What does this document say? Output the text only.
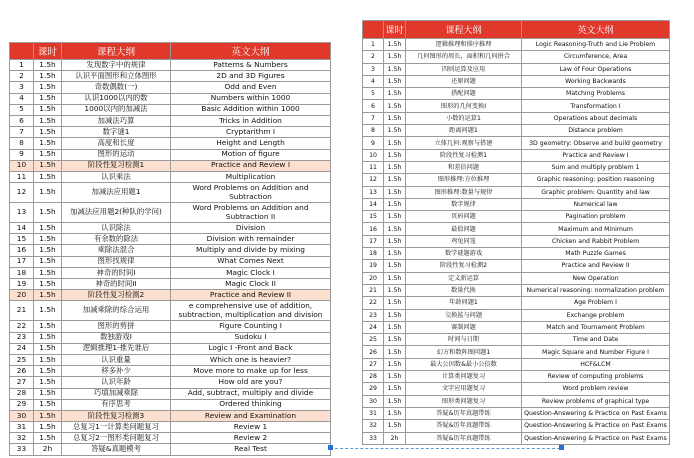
	课时	课程大纲	英文大纲
1	1.5h	发现数字中的规律	Patterns & Numbers
2	1.5h	认识平面图形和立体图形	2D and 3D Figures
3	1.5h	奇数偶数(一)	Odd and Even
4	1.5h	认识1000以内的数	Numbers within 1000
5	1.5h	1000以内的加减法	Basic Addition within 1000
6	1.5h	加减法巧算	Tricks in Addition
7	1.5h	数字谜1	Cryptarithm I
8	1.5h	高度和长度	Height and Length
9	1.5h	图形的运动	Motion of figure
10	1.5h	阶段性复习检测1	Practice and Review I
11	1.5h	认识乘法	Multiplication
12	1.5h	加减法应用题1	Word Problems on Addition and Subtraction
13	1.5h	加减法应用题2(种队的学问)	Word Problems on Addition and Subtraction II
14	1.5h	认识除法	Division
15	1.5h	有余数的除法	Division with remainder
16	1.5h	乘除法混合	Multiply and divide by mixing
17	1.5h	图形找规律	What Comes Next
18	1.5h	神奇的时间I	Magic Clock I
19	1.5h	神奇的时间II	Magic Clock II
20	1.5h	阶段性复习检测2	Practice and Review II
21	1.5h	加减乘除的综合运用	e comprehensive use of addition, subtraction, multiplication and division
22	1.5h	图形的剪拼	Figure Counting I
23	1.5h	数独游戏I	Sudoku I
24	1.5h	逻辑推理1-推先谁后	Logic I -Front and Back
25	1.5h	认识重量	Which one is heavier?
26	1.5h	移多补少	Move more to make up for less
27	1.5h	认识年龄	How old are you?
28	1.5h	巧填加减乘除	Add, subtract, multiply and divide
29	1.5h	有序思考	Ordered thinking
30	1.5h	阶段性复习检测3	Review and Examination
31	1.5h	总复习1一计算类问题复习	Review 1
32	1.5h	总复习2一图形类问题复习	Review 2
33	2h	答疑&真题模考	Real Test
	课时	课程大纲	英文大纲
1	1.5h	逻辑推理和排序推理	Logic Reasoning-Truth and Lie Problem
2	1.5h	几何图形的周长，面积和几何拼合	Circumference, Area
3	1.5h	四则运算及应用	Law of Four Operations
4	1.5h	还原问题	Working Backwards
5	1.5h	搭配问题	Matching Problems
6	1.5h	图形的几何变换I	Transformation I
7	1.5h	小数的运算1	Operations about decimals
8	1.5h	距离问题1	Distance problem
9	1.5h	立体几何:观察与搭建	3D geometry: Observe and build geometry
10	1.5h	阶段性复习检测1	Practice and Review I
11	1.5h	和差倍问题	Sum and multiply problem 1
12	1.5h	图形推理:方位推理	Graphic reasoning: position reasoning
13	1.5h	图形推理:数量与规律	Graphic problem: Quantity and law
14	1.5h	数字规律	Numerical law
15	1.5h	页码问题	Pagination problem
16	1.5h	最值问题	Maximum and Minimum
17	1.5h	鸡兔同笼	Chicken and Rabbit Problem
18	1.5h	数学谜题游戏	Math Puzzle Games
19	1.5h	阶段性复习检测2	Practice and Review II
20	1.5h	定义新运算	New Operation
21	1.5h	数量代换	Numerical reasoning: normalization problem
22	1.5h	年龄问题1	Age Problem I
23	1.5h	交换鲨与问题	Exchange problem
24	1.5h	赛制问题	Match and Tournament Problem
25	1.5h	时间与日期	Time and Date
26	1.5h	幻方和数阵图问题1	Magic Square and Number Figure I
27	1.5h	最大公因数&最小公倍数	HCF&LCM
28	1.5h	计算类问题复习	Review of computing problems
29	1.5h	文字应用题复习	Word problem review
30	1.5h	图形类问题复习	Review problems of graphical type
31	1.5h	答疑&历年真题带练	Question-Answering & Practice on Past Exams
32	1.5h	答疑&历年真题带练	Question-Answering & Practice on Past Exams
33	2h	答疑&历年真题带练	Question-Answering & Practice on Past Exams
